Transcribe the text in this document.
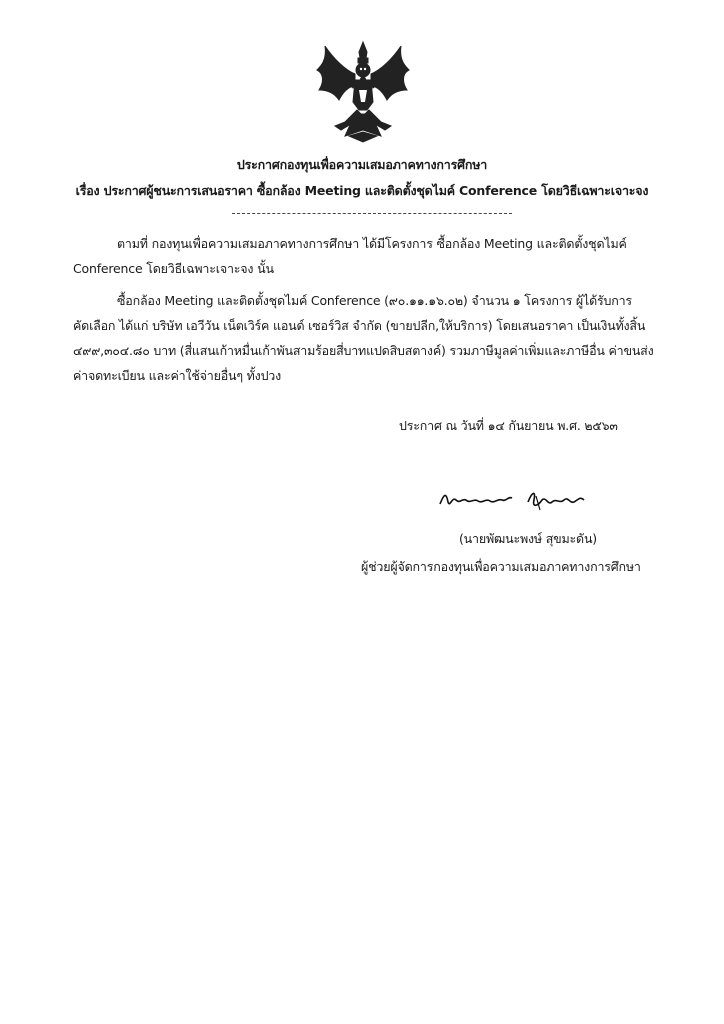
ประกาศกองทุนเพื่อความเสมอภาคทางการศึกษา
เรื่อง ประกาศผู้ชนะการเสนอราคา ซื้อกล้อง Meeting และติดตั้งชุดไมค์ Conference โดยวิธีเฉพาะเจาะจง
ตามที่ กองทุนเพื่อความเสมอภาคทางการศึกษา ได้มีโครงการ ซื้อกล้อง Meeting และติดตั้งชุดไมค์
Conference โดยวิธีเฉพาะเจาะจง นั้น
ซื้อกล้อง Meeting และติดตั้งชุดไมค์ Conference (๙๐.๑๑.๑๖.๐๒) จำนวน ๑ โครงการ ผู้ได้รับการ
คัดเลือก ได้แก่ บริษัท เอวีวัน เน็ตเวิร์ค แอนด์ เซอร์วิส จำกัด (ขายปลีก,ให้บริการ) โดยเสนอราคา เป็นเงินทั้งสิ้น
๔๙๙,๓๐๔.๘๐ บาท (สี่แสนเก้าหมื่นเก้าพันสามร้อยสี่บาทแปดสิบสตางค์) รวมภาษีมูลค่าเพิ่มและภาษีอื่น ค่าขนส่ง
ค่าจดทะเบียน และค่าใช้จ่ายอื่นๆ ทั้งปวง
ประกาศ ณ วันที่ ๑๔ กันยายน พ.ศ. ๒๕๖๓
(นายพัฒนะพงษ์ สุขมะดัน)
ผู้ช่วยผู้จัดการกองทุนเพื่อความเสมอภาคทางการศึกษา
